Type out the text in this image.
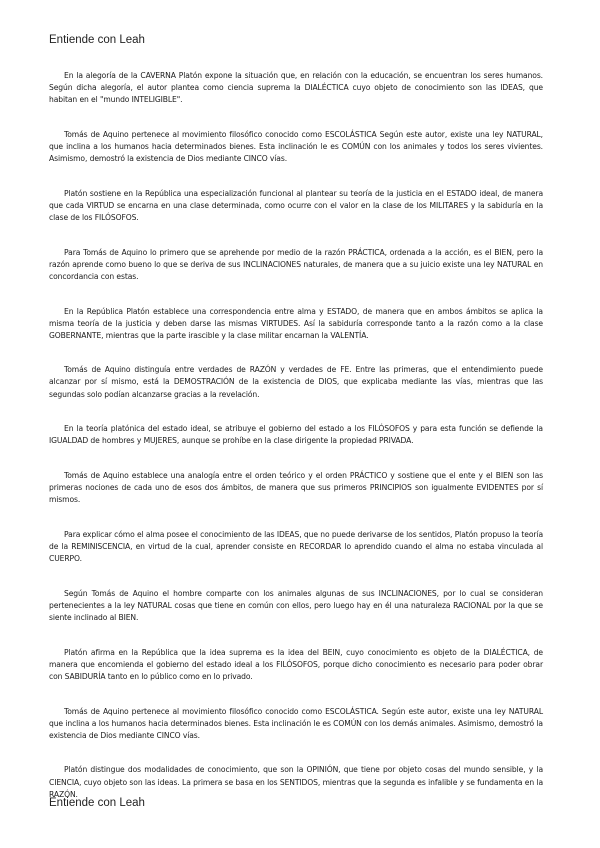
Entiende con Leah

En la alegoría de la CAVERNA Platón expone la situación que, en relación con la educación, se encuentran los seres humanos. Según dicha alegoría, el autor plantea como ciencia suprema la DIALÉCTICA cuyo objeto de conocimiento son las IDEAS, que habitan en el "mundo INTELIGIBLE".

Tomás de Aquino pertenece al movimiento filosófico conocido como ESCOLÁSTICA Según este autor, existe una ley NATURAL, que inclina a los humanos hacia determinados bienes. Esta inclinación le es COMÚN con los animales y todos los seres vivientes. Asimismo, demostró la existencia de Dios mediante CINCO vías.

Platón sostiene en la República una especialización funcional al plantear su teoría de la justicia en el ESTADO ideal, de manera que cada VIRTUD se encarna en una clase determinada, como ocurre con el valor en la clase de los MILITARES y la sabiduría en la clase de los FILÓSOFOS.

Para Tomás de Aquino lo primero que se aprehende por medio de la razón PRÁCTICA, ordenada a la acción, es el BIEN, pero la razón aprende como bueno lo que se deriva de sus INCLINACIONES naturales, de manera que a su juicio existe una ley NATURAL en concordancia con estas.

En la República Platón establece una correspondencia entre alma y ESTADO, de manera que en ambos ámbitos se aplica la misma teoría de la justicia y deben darse las mismas VIRTUDES. Así la sabiduría corresponde tanto a la razón como a la clase GOBERNANTE, mientras que la parte irascible y la clase militar encarnan la VALENTÍA.

Tomás de Aquino distinguía entre verdades de RAZÓN y verdades de FE. Entre las primeras, que el entendimiento puede alcanzar por sí mismo, está la DEMOSTRACIÓN de la existencia de DIOS, que explicaba mediante las vías, mientras que las segundas solo podían alcanzarse gracias a la revelación.

En la teoría platónica del estado ideal, se atribuye el gobierno del estado a los FILÓSOFOS y para esta función se defiende la IGUALDAD de hombres y MUJERES, aunque se prohíbe en la clase dirigente la propiedad PRIVADA.

Tomás de Aquino establece una analogía entre el orden teórico y el orden PRÁCTICO y sostiene que el ente y el BIEN son las primeras nociones de cada uno de esos dos ámbitos, de manera que sus primeros PRINCIPIOS son igualmente EVIDENTES por sí mismos.

Para explicar cómo el alma posee el conocimiento de las IDEAS, que no puede derivarse de los sentidos, Platón propuso la teoría de la REMINISCENCIA, en virtud de la cual, aprender consiste en RECORDAR lo aprendido cuando el alma no estaba vinculada al CUERPO.

Según Tomás de Aquino el hombre comparte con los animales algunas de sus INCLINACIONES, por lo cual se consideran pertenecientes a la ley NATURAL cosas que tiene en común con ellos, pero luego hay en él una naturaleza RACIONAL por la que se siente inclinado al BIEN.

Platón afirma en la República que la idea suprema es la idea del BEIN, cuyo conocimiento es objeto de la DIALÉCTICA, de manera que encomienda el gobierno del estado ideal a los FILÓSOFOS, porque dicho conocimiento es necesario para poder obrar con SABIDURÍA tanto en lo público como en lo privado.

Tomás de Aquino pertenece al movimiento filosófico conocido como ESCOLÁSTICA. Según este autor, existe una ley NATURAL que inclina a los humanos hacia determinados bienes. Esta inclinación le es COMÚN con los demás animales. Asimismo, demostró la existencia de Dios mediante CINCO vías.

Platón distingue dos modalidades de conocimiento, que son la OPINIÓN, que tiene por objeto cosas del mundo sensible, y la CIENCIA, cuyo objeto son las ideas. La primera se basa en los SENTIDOS, mientras que la segunda es infalible y se fundamenta en la RAZÓN.

Entiende con Leah
